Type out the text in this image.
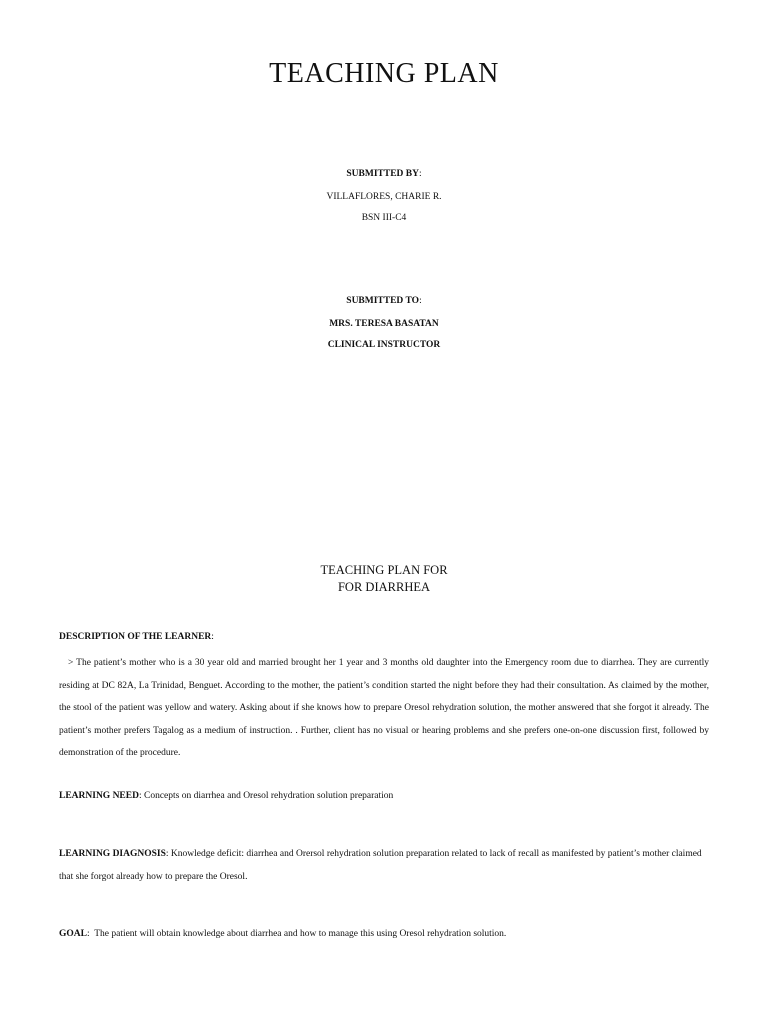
TEACHING PLAN
SUBMITTED BY:
VILLAFLORES, CHARIE R.
BSN III-C4
SUBMITTED TO:
MRS. TERESA BASATAN
CLINICAL INSTRUCTOR
TEACHING PLAN FOR
FOR DIARRHEA
DESCRIPTION OF THE LEARNER:
> The patient’s mother who is a 30 year old and married brought her 1 year and 3 months old daughter into the Emergency room due to diarrhea. They are currently residing at DC 82A, La Trinidad, Benguet. According to the mother, the patient’s condition started the night before they had their consultation. As claimed by the mother, the stool of the patient was yellow and watery. Asking about if she knows how to prepare Oresol rehydration solution, the mother answered that she forgot it already. The patient’s mother prefers Tagalog as a medium of instruction. . Further, client has no visual or hearing problems and she prefers one-on-one discussion first, followed by demonstration of the procedure.
LEARNING NEED: Concepts on diarrhea and Oresol rehydration solution preparation
LEARNING DIAGNOSIS: Knowledge deficit: diarrhea and Orersol rehydration solution preparation related to lack of recall as manifested by patient’s mother claimed that she forgot already how to prepare the Oresol.
GOAL:  The patient will obtain knowledge about diarrhea and how to manage this using Oresol rehydration solution.
